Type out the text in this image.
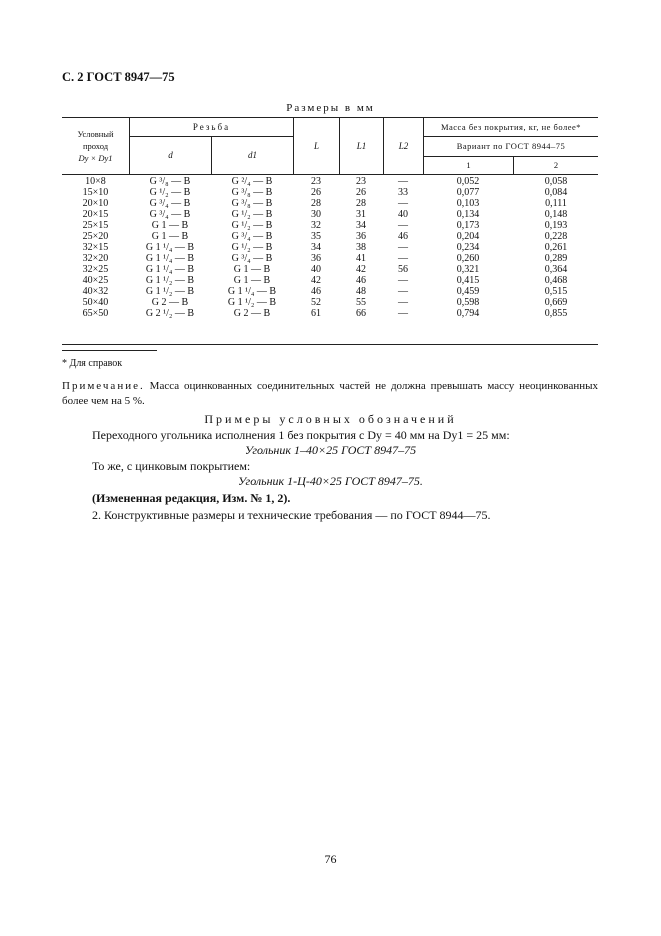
С. 2 ГОСТ 8947—75
Размеры в мм
Условный
проход
Dy × Dy1
Резьба
d	d1
L	L1	L2
Масса без покрытия, кг, не более*
Вариант по ГОСТ 8944–75
1	2
10×8	G ³/₈ — B	G ²/₄ — B	23	23	—	0,052	0,058
15×10	G ¹/₂ — B	G ³/₈ — B	26	26	33	0,077	0,084
20×10	G ³/₄ — B	G ³/₈ — B	28	28	—	0,103	0,111
20×15	G ³/₄ — B	G ¹/₂ — B	30	31	40	0,134	0,148
25×15	G 1 — B	G ¹/₂ — B	32	34	—	0,173	0,193
25×20	G 1 — B	G ³/₄ — B	35	36	46	0,204	0,228
32×15	G 1 ¹/₄ — B	G ¹/₂ — B	34	38	—	0,234	0,261
32×20	G 1 ¹/₄ — B	G ³/₄ — B	36	41	—	0,260	0,289
32×25	G 1 ¹/₄ — B	G 1 — B	40	42	56	0,321	0,364
40×25	G 1 ¹/₂ — B	G 1 — B	42	46	—	0,415	0,468
40×32	G 1 ¹/₂ — B	G 1 ¹/₄ — B	46	48	—	0,459	0,515
50×40	G 2 — B	G 1 ¹/₂ — B	52	55	—	0,598	0,669
65×50	G 2 ¹/₂ — B	G 2 — B	61	66	—	0,794	0,855
* Для справок
Примечание. Масса оцинкованных соединительных частей не должна превышать массу неоцинкованных более чем на 5 %.
Примеры условных обозначений
Переходного угольника исполнения 1 без покрытия с Dy = 40 мм на Dy1 = 25 мм:
Угольник 1–40×25 ГОСТ 8947–75
То же, с цинковым покрытием:
Угольник 1-Ц-40×25 ГОСТ 8947–75.
(Измененная редакция, Изм. № 1, 2).
2. Конструктивные размеры и технические требования — по ГОСТ 8944—75.
76
